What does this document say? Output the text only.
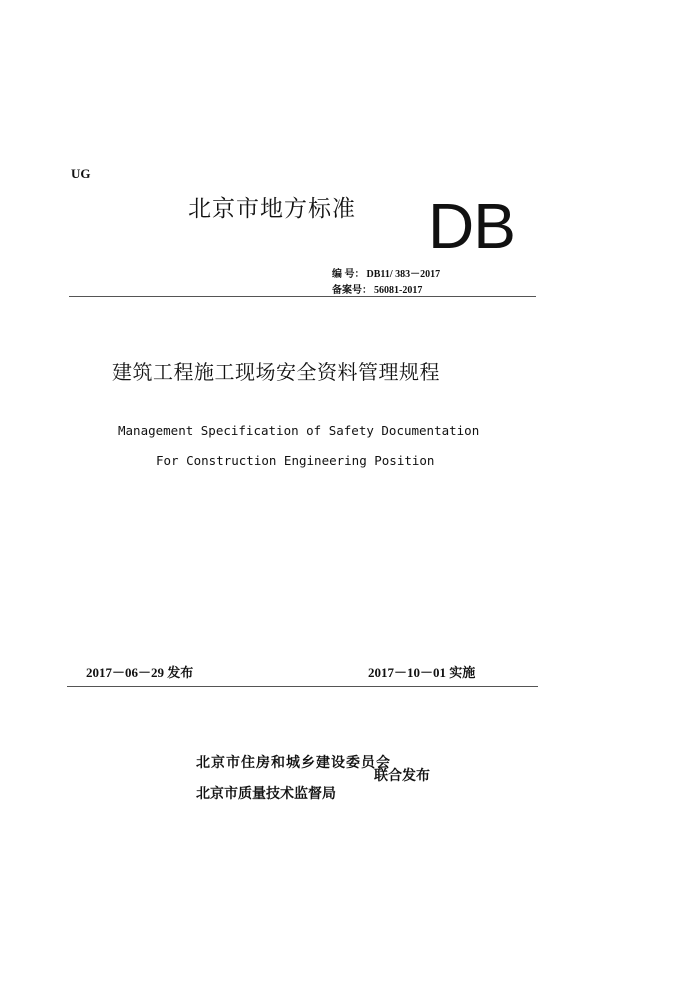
UG
北京市地方标准 DB
编 号： DB11/ 383－2017
备案号： 56081-2017
建筑工程施工现场安全资料管理规程
Management Specification of Safety Documentation
For Construction Engineering Position
2017－06－29 发布	2017－10－01 实施
北京市住房和城乡建设委员会
北京市质量技术监督局
联合发布
